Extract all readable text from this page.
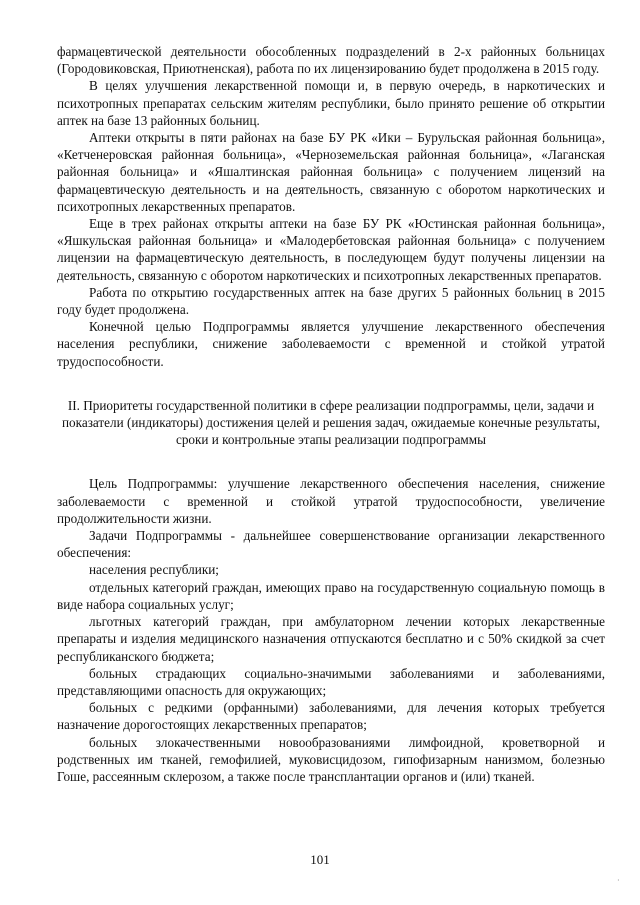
фармацевтической деятельности обособленных подразделений в 2-х районных больницах (Городовиковская, Приютненская), работа по их лицензированию будет продолжена в 2015 году.

В целях улучшения лекарственной помощи и, в первую очередь, в наркотических и психотропных препаратах сельским жителям республики, было принято решение об открытии аптек на базе 13 районных больниц.

Аптеки открыты в пяти районах на базе БУ РК «Ики – Бурульская районная больница», «Кетченеровская районная больница», «Черноземельская районная больница», «Лаганская районная больница» и «Яшалтинская районная больница» с получением лицензий на фармацевтическую деятельность и на деятельность, связанную с оборотом наркотических и психотропных лекарственных препаратов.

Еще в трех районах открыты аптеки на базе БУ РК «Юстинская районная больница», «Яшкульская районная больница» и «Малодербетовская районная больница» с получением лицензии на фармацевтическую деятельность, в последующем будут получены лицензии на деятельность, связанную с оборотом наркотических и психотропных лекарственных препаратов.

Работа по открытию государственных аптек на базе других 5 районных больниц в 2015 году будет продолжена.

Конечной целью Подпрограммы является улучшение лекарственного обеспечения населения республики, снижение заболеваемости с временной и стойкой утратой трудоспособности.

II. Приоритеты государственной политики в сфере реализации подпрограммы, цели, задачи и показатели (индикаторы) достижения целей и решения задач, ожидаемые конечные результаты, сроки и контрольные этапы реализации подпрограммы

Цель Подпрограммы: улучшение лекарственного обеспечения населения, снижение заболеваемости с временной и стойкой утратой трудоспособности, увеличение продолжительности жизни.

Задачи Подпрограммы - дальнейшее совершенствование организации лекарственного обеспечения:

населения республики;

отдельных категорий граждан, имеющих право на государственную социальную помощь в виде набора социальных услуг;

льготных категорий граждан, при амбулаторном лечении которых лекарственные препараты и изделия медицинского назначения отпускаются бесплатно и с 50% скидкой за счет республиканского бюджета;

больных страдающих социально-значимыми заболеваниями и заболеваниями, представляющими опасность для окружающих;

больных с редкими (орфанными) заболеваниями, для лечения которых требуется назначение дорогостоящих лекарственных препаратов;

больных злокачественными новообразованиями лимфоидной, кроветворной и родственных им тканей, гемофилией, муковисцидозом, гипофизарным нанизмом, болезнью Гоше, рассеянным склерозом, а также после трансплантации органов и (или) тканей.

101
·
